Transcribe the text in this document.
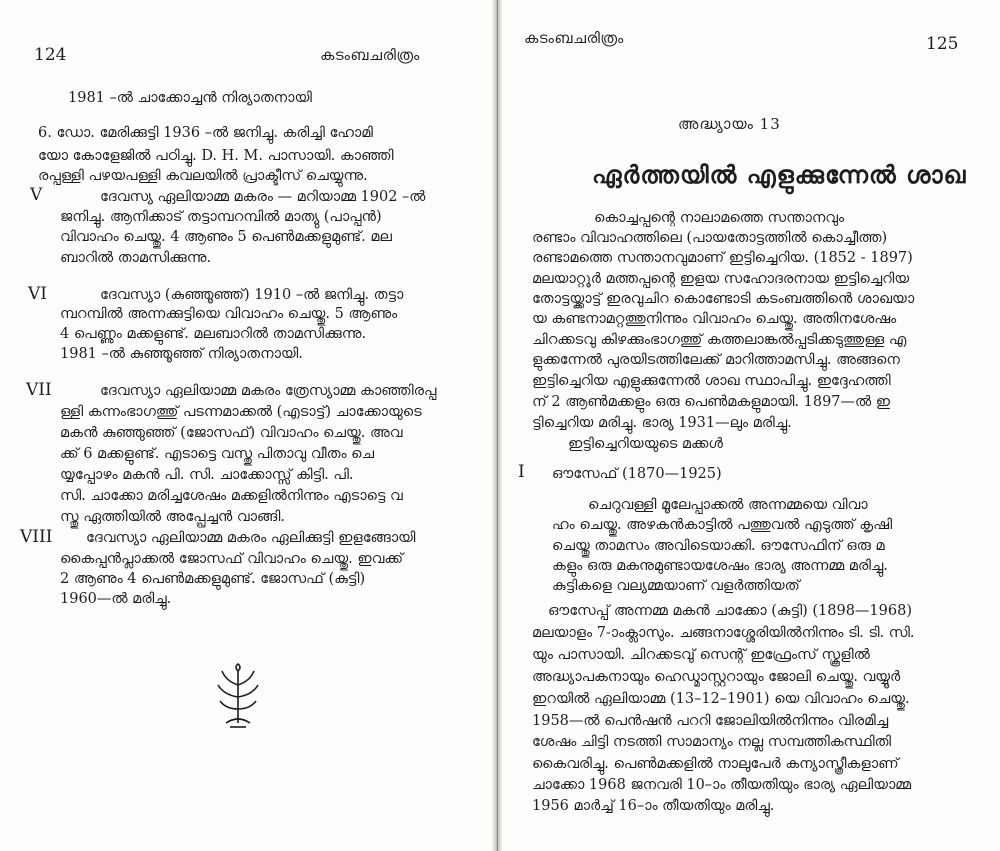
124	കടംബചരിത്രം
1981 –ൽ ചാക്കോച്ചൻ നിര്യാതനായി
6. ഡോ. മേരിക്കുട്ടി 1936 –ൽ ജനിച്ചു. കരിച്ചി ഹോമി
യോ കോളേജിൽ പഠിച്ചു. D. H. M. പാസായി. കാഞ്ഞി
രപ്പള്ളി പഴയപള്ളി കവലയിൽ പ്രാക്ടീസ് ചെയ്യുന്നു.
V	ദേവസ്യ ഏലിയാമ്മ മകരം — മറിയാമ്മ 1902 –ൽ
ജനിച്ചു. ആനിക്കാട് തട്ടാമ്പറമ്പിൽ മാത്യു (പാപ്പൻ)
വിവാഹം ചെയ്തു. 4 ആണും 5 പെൺമക്കളുമുണ്ട്. മല
ബാറിൽ താമസിക്കുന്നു.
VI	ദേവസ്യാ (കുഞ്ഞൂഞ്ഞ്) 1910 –ൽ ജനിച്ചു. തട്ടാ
മ്പറമ്പിൽ അന്നക്കുട്ടിയെ വിവാഹം ചെയ്തു. 5 ആണും
4 പെണ്ണും മക്കളുണ്ട്. മലബാറിൽ താമസിക്കുന്നു.
1981 –ൽ കുഞ്ഞൂഞ്ഞ് നിര്യാതനായി.
VII	ദേവസ്യാ ഏലിയാമ്മ മകരം ത്രേസ്യാമ്മ കാഞ്ഞിരപ്പ
ള്ളി കന്നംഭാഗത്തു് പടന്നമാക്കൽ (എടാട്ട്) ചാക്കോയുടെ
മകൻ കുഞ്ഞുഞ്ഞ് (ജോസഫ്) വിവാഹം ചെയ്തു. അവ
ക്ക് 6 മക്കളുണ്ട്. എടാട്ടെ വസ്തു പിതാവു വീതം ചെ
യ്യപ്പോഴം മകൻ പി. സി. ചാക്കോസ്സ് കിട്ടി. പി.
സി. ചാക്കോ മരിച്ചശേഷം മക്കളിൽനിന്നും എടാട്ടെ വ
സ്തു ഏത്തിയിൽ അപ്പ്രേച്ചൻ വാങ്ങി.
VIII ദേവസ്യാ ഏലിയാമ്മ മകരം ഏലിക്കുട്ടി ഇളങ്ങോയി
കൈപ്പൻപ്ലാക്കൽ ജോസഫ് വിവാഹം ചെയ്തു. ഇവക്ക്
2 ആണും 4 പെൺമക്കളുമുണ്ട്. ജോസഫ് (കുട്ടി)
1960—ൽ മരിച്ചു.
കടംബചരിത്രം	125
അദ്ധ്യായം 13
ഏർത്തയിൽ എളുക്കുന്നേൽ ശാഖ
കൊച്ചപ്പന്റെ നാലാമത്തെ സന്താനവും
രണ്ടാം വിവാഹത്തിലെ (പായതോട്ടത്തിൽ കൊച്ചീത്ത)
രണ്ടാമത്തെ സന്താനവുമാണ് ഇട്ടിച്ചെറിയ. (1852 - 1897)
മലയാറ്റൂർ മത്തപ്പന്റെ ഇളയ സഹോദരനായ ഇട്ടിച്ചെറിയ
തോട്ടയ്ക്കാട്ട് ഇരവുചിറ കൊണ്ടോടി കടംബത്തിൻെ ശാഖയാ
യ കണ്ടനാമറ്റത്തുനിന്നും വിവാഹം ചെയ്തു. അതിനശേഷം
ചിറക്കടവു കിഴക്കുംഭാഗത്തു് കത്തലാങ്കൽപ്പടിക്കടുത്തുള്ള എ
ളുക്കന്നേൽ പുരയിടത്തിലേക്ക് മാറിത്താമസിച്ചു. അങ്ങനെ
ഇട്ടിച്ചെറിയ എളുക്കുന്നേൽ ശാഖ സ്ഥാപിച്ചു. ഇദ്ദേഹത്തി
ന് 2 ആൺമക്കളും ഒരു പെൺമകളുമായി. 1897—ൽ ഇ
ട്ടിച്ചെറിയ മരിച്ചു. ഭാര്യ 1931—ലും മരിച്ചു.
ഇട്ടിച്ചെറിയയുടെ മക്കൾ
I ഔസേഫ് (1870—1925)
ചെറുവള്ളി മൂലേപ്പാക്കൽ അന്നമ്മയെ വിവാ
ഹം ചെയ്തു. അഴകൻകാട്ടിൽ പത്തുവൽ എടുത്ത് കൃഷി
ചെയ്തു താമസം അവിടെയാക്കി. ഔസേഫിന് ഒരു മ
കളും ഒരു മകനുമുണ്ടായശേഷം ഭാര്യ അന്നമ്മ മരിച്ചു.
കുട്ടികളെ വല്യമ്മയാണ് വളർത്തിയത്
ഔസേപ്പ് അന്നമ്മ മകൻ ചാക്കോ (കുട്ടി) (1898—1968)
മലയാളം 7-ാംക്ലാസും. ചങ്ങനാശ്ശേരിയിൽനിന്നും ടി. ടി. സി.
യും പാസായി. ചിറക്കടവു് സെന്റ് ഇഫ്രേംസ് സ്കൂളിൽ
അദ്ധ്യാപകനായും ഹെഡ്മാസ്റ്ററായും ജോലി ചെയ്തു. വയ്യൂർ
ഇറയിൽ ഏലിയാമ്മ (13–12–1901) യെ വിവാഹം ചെയ്തു.
1958—ൽ പെൻഷൻ പററി ജോലിയിൽനിന്നും വിരമിച്ച
ശേഷം ചിട്ടി നടത്തി സാമാന്യം നല്ല സമ്പത്തികസ്ഥിതി
കൈവരിച്ചു. പെൺമക്കളിൽ നാലുപേർ കന്യാസ്ത്രീകളാണ്
ചാക്കോ 1968 ജനവരി 10–ാം തീയതിയും ഭാര്യ ഏലിയാമ്മ
1956 മാർച്ച് 16–ാം തീയതിയും മരിച്ചു.
